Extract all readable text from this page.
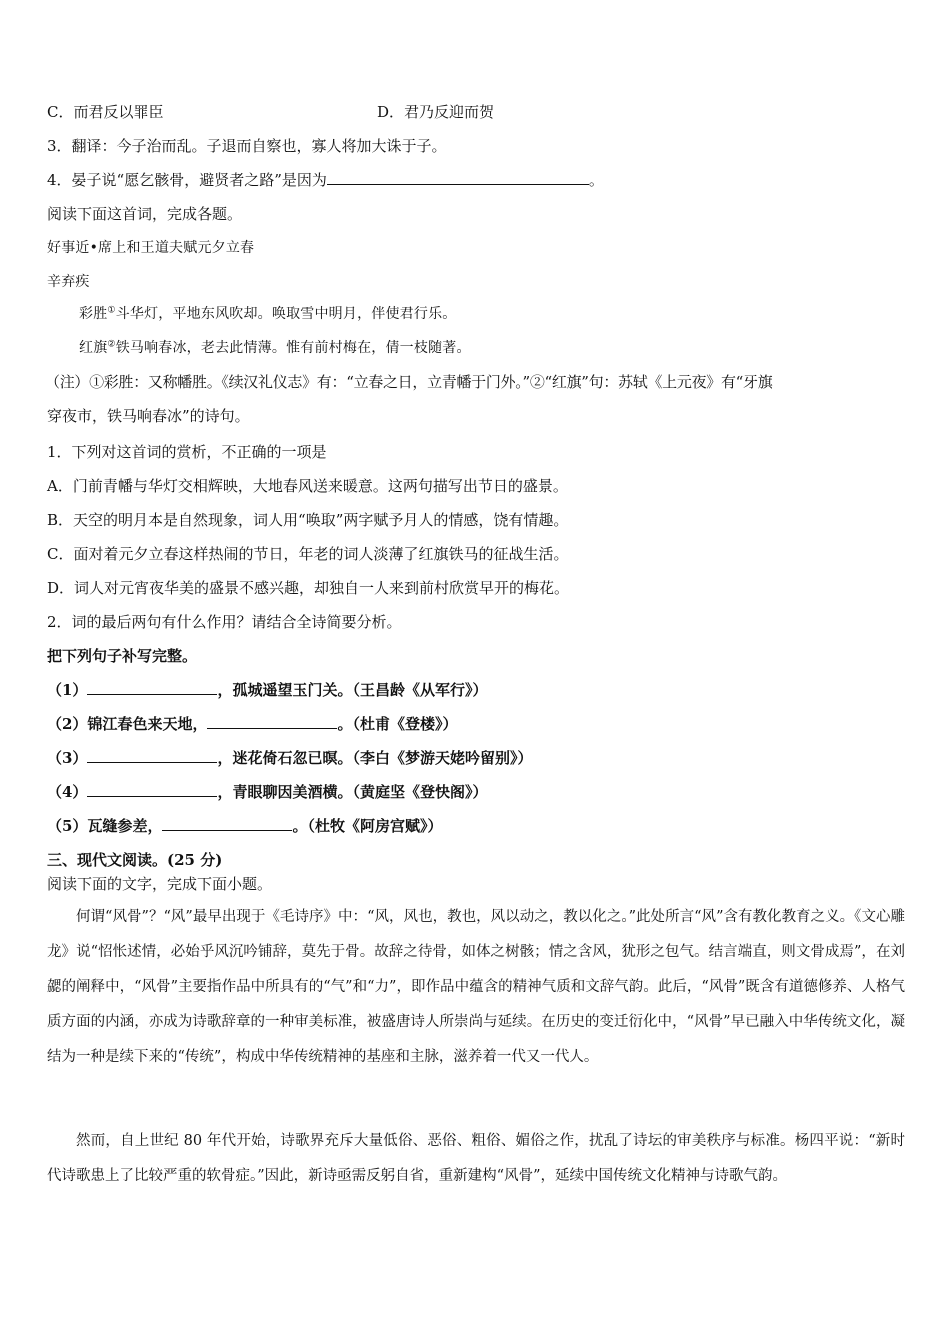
C．而君反以罪臣	D．君乃反迎而贺
3．翻译：今子治而乱。子退而自察也，寡人将加大诛于子。
4．晏子说“愿乞骸骨，避贤者之路”是因为	。
阅读下面这首词，完成各题。
好事近•席上和王道夫赋元夕立春
辛弃疾
彩胜①斗华灯，平地东风吹却。唤取雪中明月，伴使君行乐。
红旗②铁马响春冰，老去此情薄。惟有前村梅在，倩一枝随著。
（注）①彩胜：又称幡胜。《续汉礼仪志》有：“立春之日，立青幡于门外。”②“红旗”句：苏轼《上元夜》有“牙旗
穿夜市，铁马响春冰”的诗句。
1．下列对这首词的赏析，不正确的一项是
A．门前青幡与华灯交相辉映，大地春风送来暖意。这两句描写出节日的盛景。
B．天空的明月本是自然现象，词人用“唤取”两字赋予月人的情感，饶有情趣。
C．面对着元夕立春这样热闹的节日，年老的词人淡薄了红旗铁马的征战生活。
D．词人对元宵夜华美的盛景不感兴趣，却独自一人来到前村欣赏早开的梅花。
2．词的最后两句有什么作用？请结合全诗简要分析。
把下列句子补写完整。
（1）	，孤城遥望玉门关。（王昌龄《从军行》）
（2）锦江春色来天地，	。（杜甫《登楼》）
（3）	，迷花倚石忽已暝。（李白《梦游天姥吟留别》）
（4）	，青眼聊因美酒横。（黄庭坚《登快阁》）
（5）瓦缝参差，	。（杜牧《阿房宫赋》）
三、现代文阅读。(25 分)
阅读下面的文字，完成下面小题。
何谓“风骨”？“风”最早出现于《毛诗序》中：“风，风也，教也，风以动之，教以化之。”此处所言“风”含有教化教育之义。《文心雕龙》说“怊怅述情，必始乎风沉吟铺辞，莫先于骨。故辞之待骨，如体之树骸；情之含风，犹形之包气。结言端直，则文骨成焉”，在刘勰的阐释中，“风骨”主要指作品中所具有的“气”和“力”，即作品中蕴含的精神气质和文辞气韵。此后，“风骨”既含有道德修养、人格气质方面的内涵，亦成为诗歌辞章的一种审美标准，被盛唐诗人所崇尚与延续。在历史的变迁衍化中，“风骨”早已融入中华传统文化，凝结为一种是续下来的“传统”，构成中华传统精神的基座和主脉，滋养着一代又一代人。
然而，自上世纪 80 年代开始，诗歌界充斥大量低俗、恶俗、粗俗、媚俗之作，扰乱了诗坛的审美秩序与标准。杨四平说：“新时代诗歌患上了比较严重的软骨症。”因此，新诗亟需反躬自省，重新建构“风骨”，延续中国传统文化精神与诗歌气韵。
